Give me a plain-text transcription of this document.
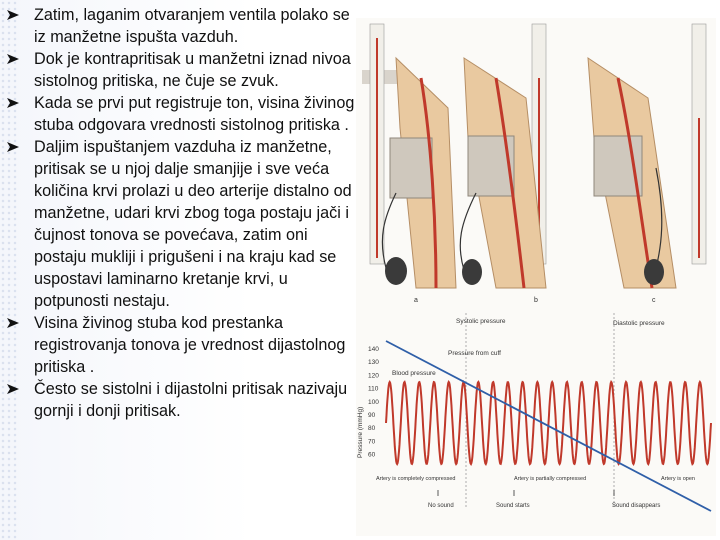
Zatim, laganim otvaranjem ventila polako se iz manžetne ispušta vazduh.
Dok je kontrapritisak u manžetni iznad nivoa sistolnog pritiska, ne čuje se zvuk.
Kada se prvi put registruje ton, visina živinog stuba odgovara vrednosti sistolnog pritiska .
Daljim ispuštanjem vazduha iz manžetne, pritisak se u njoj dalje smanjije i sve veća količina krvi prolazi u deo arterije distalno od manžetne, udari krvi zbog toga postaju jači i čujnost tonova se povećava, zatim oni postaju mukliji i prigušeni i na kraju kad se uspostavi laminarno kretanje krvi, u potpunosti nestaju.
Visina živinog stuba kod prestanka registrovanja tonova je vrednost dijastolnog pritiska .
Često se sistolni i dijastolni pritisak nazivaju gornji i donji pritisak.
a	b	c
Systolic pressure	Diastolic pressure
Pressure from cuff
Blood pressure
Pressure (mmHg)
140
130
120
110
100
90
80
70
60
Artery is completely compressed	Artery is partially compressed	Artery is open
No sound	Sound starts	Sound disappears
